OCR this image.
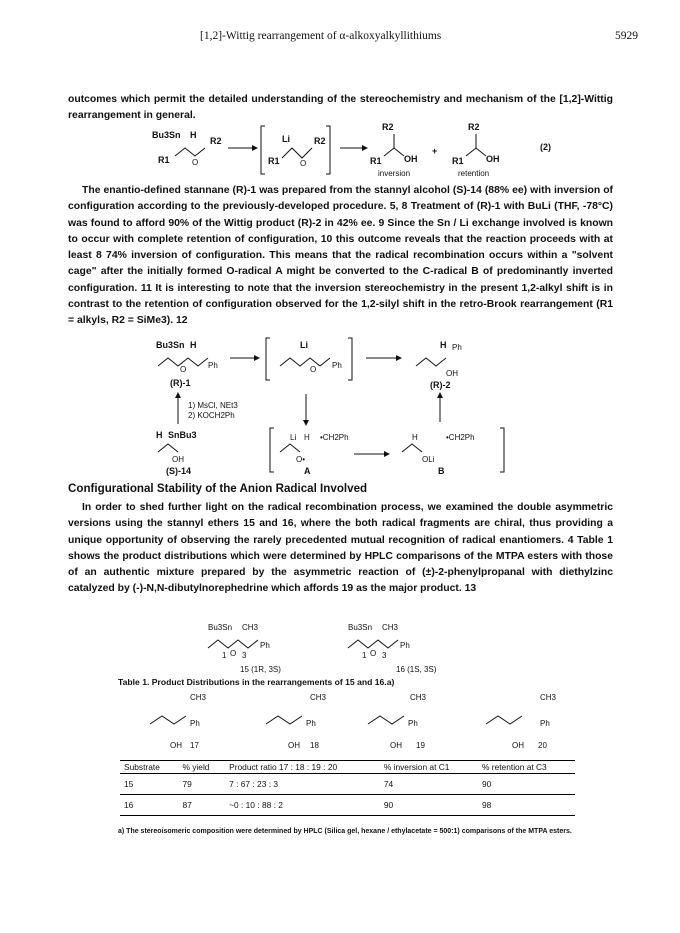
[1,2]-Wittig rearrangement of α-alkoxyalkyllithiums	5929

outcomes which permit the detailed understanding of the stereochemistry and mechanism of the [1,2]-Wittig rearrangement in general.

Bu3Sn H
R1	O
R2	Li
R1	O
R2
R2
R1 OH
inversion
+
R2
R1 OH
retention
(2)

The enantio-defined stannane (R)-1 was prepared from the stannyl alcohol (S)-14 (88% ee) with inversion of configuration according to the previously-developed procedure. 5, 8 Treatment of (R)-1 with BuLi (THF, -78°C) was found to afford 90% of the Wittig product (R)-2 in 42% ee. 9 Since the Sn / Li exchange involved is known to occur with complete retention of configuration, 10 this outcome reveals that the reaction proceeds with at least 8 74% inversion of configuration. This means that the radical recombination occurs within a "solvent cage" after the initially formed O-radical A might be converted to the C-radical B of predominantly inverted configuration. 11 It is interesting to note that the inversion stereochemistry in the present 1,2-alkyl shift is in contrast to the retention of configuration observed for the 1,2-silyl shift in the retro-Brook rearrangement (R1 = alkyls, R2 = SiMe3). 12

Bu3Sn H
O	Ph
(R)-1
Li
O Ph
H Ph
OH
(R)-2
1) MsCl, NEt3
2) KOCH2Ph
H SnBu3
OH
(S)-14
Li H •CH2Ph
O•
A
H	•CH2Ph
OLi
B
Configurational Stability of the Anion Radical Involved

In order to shed further light on the radical recombination process, we examined the double asymmetric versions using the stannyl ethers 15 and 16, where the both radical fragments are chiral, thus providing a unique opportunity of observing the rarely precedented mutual recognition of radical enantiomers. 4 Table 1 shows the product distributions which were determined by HPLC comparisons of the MTPA esters with those of an authentic mixture prepared by the asymmetric reaction of (±)-2-phenylpropanal with diethylzinc catalyzed by (-)-N,N-dibutylnorephedrine which affords 19 as the major product. 13

Bu3Sn CH3
1 O 3
Ph
15 (1R, 3S)
Bu3Sn CH3
1 O 3
Ph
16 (1S, 3S)
Table 1. Product Distributions in the rearrangements of 15 and 16.a)
CH3
Ph
OH 17
CH3
Ph
OH 18
CH3
Ph
OH 19
CH3
Ph
OH 20
Substrate	% yield	Product ratio 17 : 18 : 19 : 20	% inversion at C1	% retention at C3
15	79	7 : 67 : 23 : 3	74	90
16	87	~0 : 10 : 88 : 2	90	98
a) The stereoisomeric composition were determined by HPLC (Silica gel, hexane / ethylacetate = 500:1) comparisons of the MTPA esters.
